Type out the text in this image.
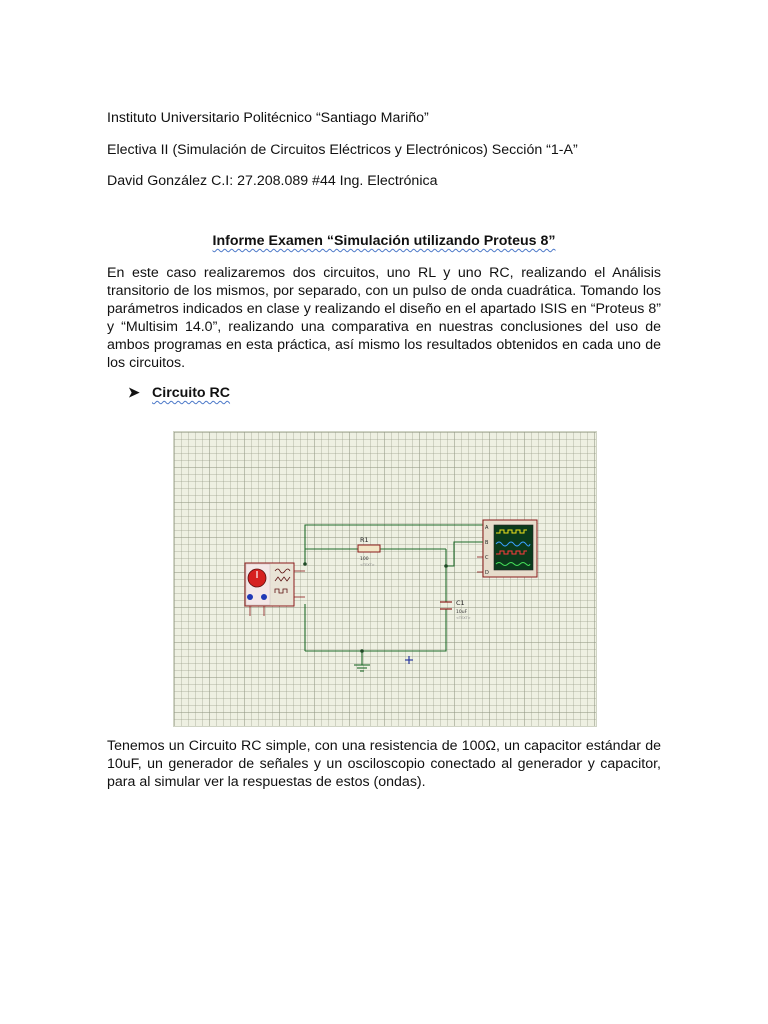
Instituto Universitario Politécnico “Santiago Mariño”
Electiva II (Simulación de Circuitos Eléctricos y Electrónicos) Sección “1-A”
David González C.I: 27.208.089 #44 Ing. Electrónica
Informe Examen “Simulación utilizando Proteus 8”
En este caso realizaremos dos circuitos, uno RL y uno RC, realizando el Análisis transitorio de los mismos, por separado, con un pulso de onda cuadrática. Tomando los parámetros indicados en clase y realizando el diseño en el apartado ISIS en “Proteus 8” y “Multisim 14.0”, realizando una comparativa en nuestras conclusiones del uso de ambos programas en esta práctica, así mismo los resultados obtenidos en cada uno de los circuitos.
➤ Circuito RC
R1
100
<TEXT>
C1
10uF
<TEXT>
A
B
C
D
Tenemos un Circuito RC simple, con una resistencia de 100Ω, un capacitor estándar de 10uF, un generador de señales y un osciloscopio conectado al generador y capacitor, para al simular ver la respuestas de estos (ondas).
